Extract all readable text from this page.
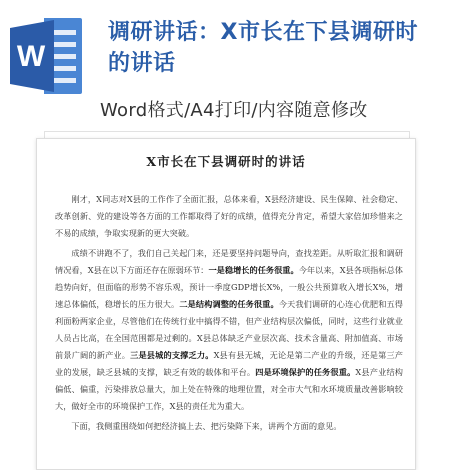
W
调研讲话：X市长在下县调研时的讲话
Word格式/A4打印/内容随意修改
X市长在下县调研时的讲话

刚才，X同志对X县的工作作了全面汇报，总体来看，X县经济建设、民生保障、社会稳定、改革创新、党的建设等各方面的工作都取得了好的成绩，值得充分肯定，希望大家倍加珍惜来之不易的成绩，争取实现新的更大突破。

成绩不讲跑不了，我们自己关起门来，还是要坚持问题导向，查找差距。从听取汇报和调研情况看，X县在以下方面还存在原弱环节：一是稳增长的任务很重。今年以来，X县各项指标总体趋势向好，但面临的形势不容乐观，预计一季度GDP增长X%，一般公共预算收入增长X%，增速总体偏低，稳增长的压力很大。二是结构调整的任务很重。今天我们调研的心连心优肥和五得利面粉两家企业，尽管他们在传统行业中搞得不错，但产业结构层次偏低，同时，这些行业就业人员占比高，在全国范围都是过剩的。X县总体缺乏产业层次高、技术含量高、附加值高、市场前景广阔的新产业。三是县城的支撑乏力。X县有县无城，无论是第二产业的升级，还是第三产业的发展，缺乏县城的支撑，缺乏有效的载体和平台。四是环境保护的任务很重。X县产业结构偏低、偏重，污染排放总量大，加上处在特殊的地理位置，对全市大气和水环境质量改善影响较大，做好全市的环境保护工作，X县的责任尤为重大。

下面，我侧重围绕如何把经济搞上去、把污染降下来，讲两个方面的意见。
